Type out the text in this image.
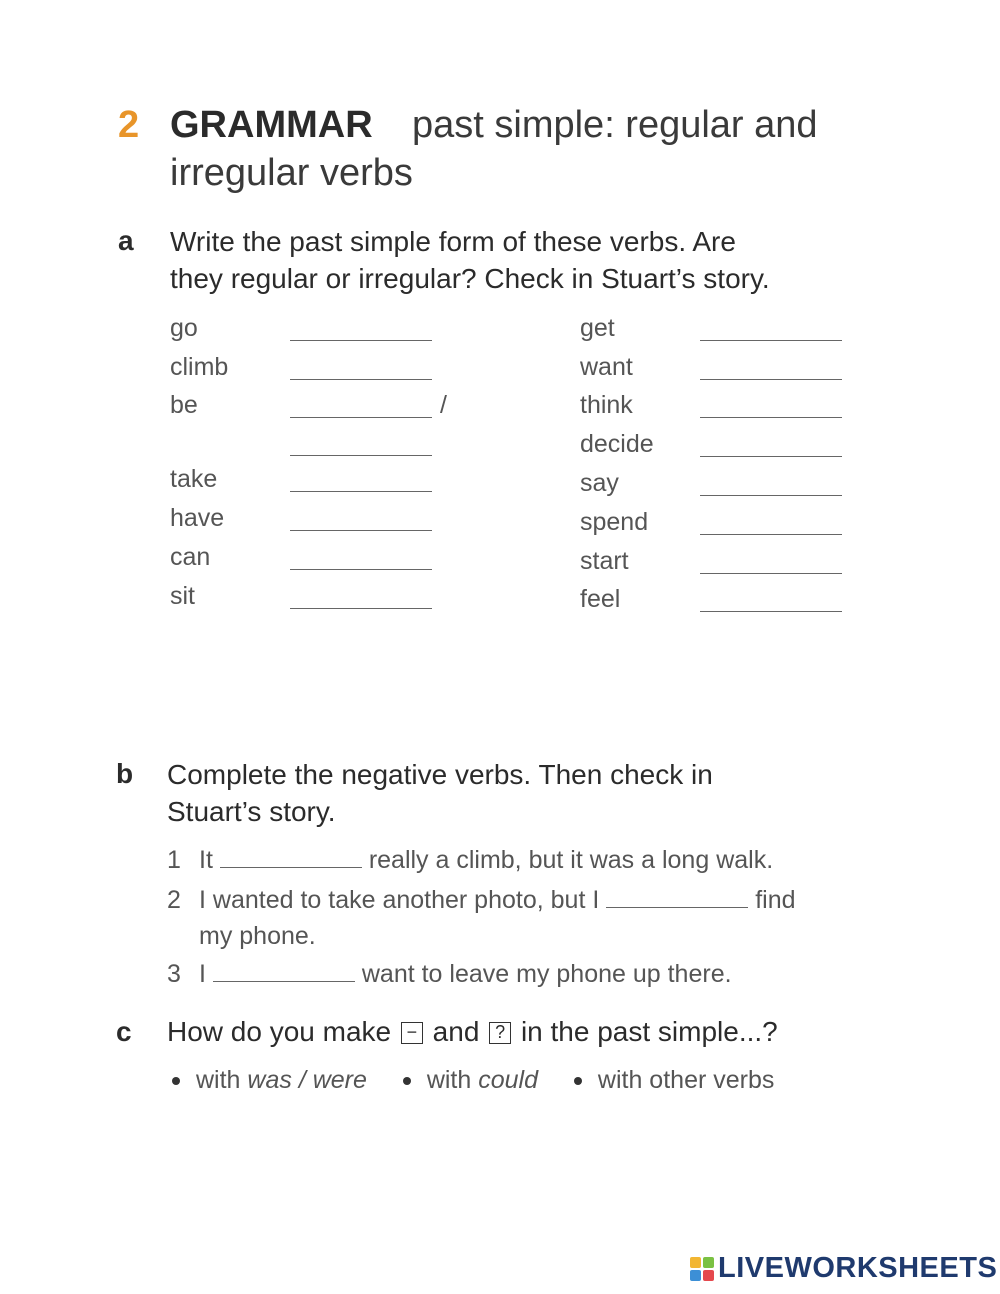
2 GRAMMAR past simple: regular and
irregular verbs
a Write the past simple form of these verbs. Are
they regular or irregular? Check in Stuart’s story.
go
climb
be	/
take
have
can
sit
get
want
think
decide
say
spend
start
feel
b Complete the negative verbs. Then check in
Stuart’s story.
1 It	really a climb, but it was a long walk.
2 I wanted to take another photo, but I	find
my phone.
3 I	want to leave my phone up there.
c How do you make − and ? in the past simple...?
with was / were with could with other verbs
LIVEWORKSHEETS
